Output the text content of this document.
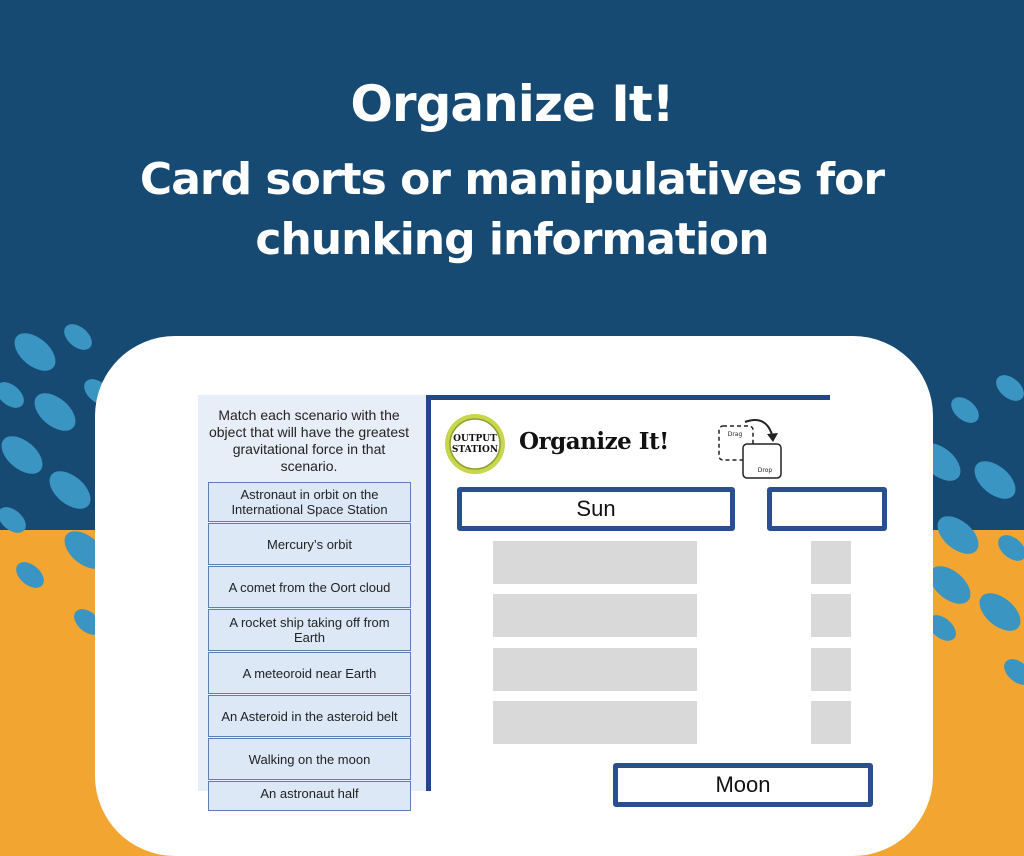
Organize It!
Card sorts or manipulatives for
chunking information
Match each scenario with the object that will have the greatest gravitational force in that scenario.
Astronaut in orbit on the International Space Station
Mercury’s orbit
A comet from the Oort cloud
A rocket ship taking off from Earth
A meteoroid near Earth
An Asteroid in the asteroid belt
Walking on the moon
An astronaut half
OUTPUT
STATION Organize It!	Drag
Drop
Sun
Moon
